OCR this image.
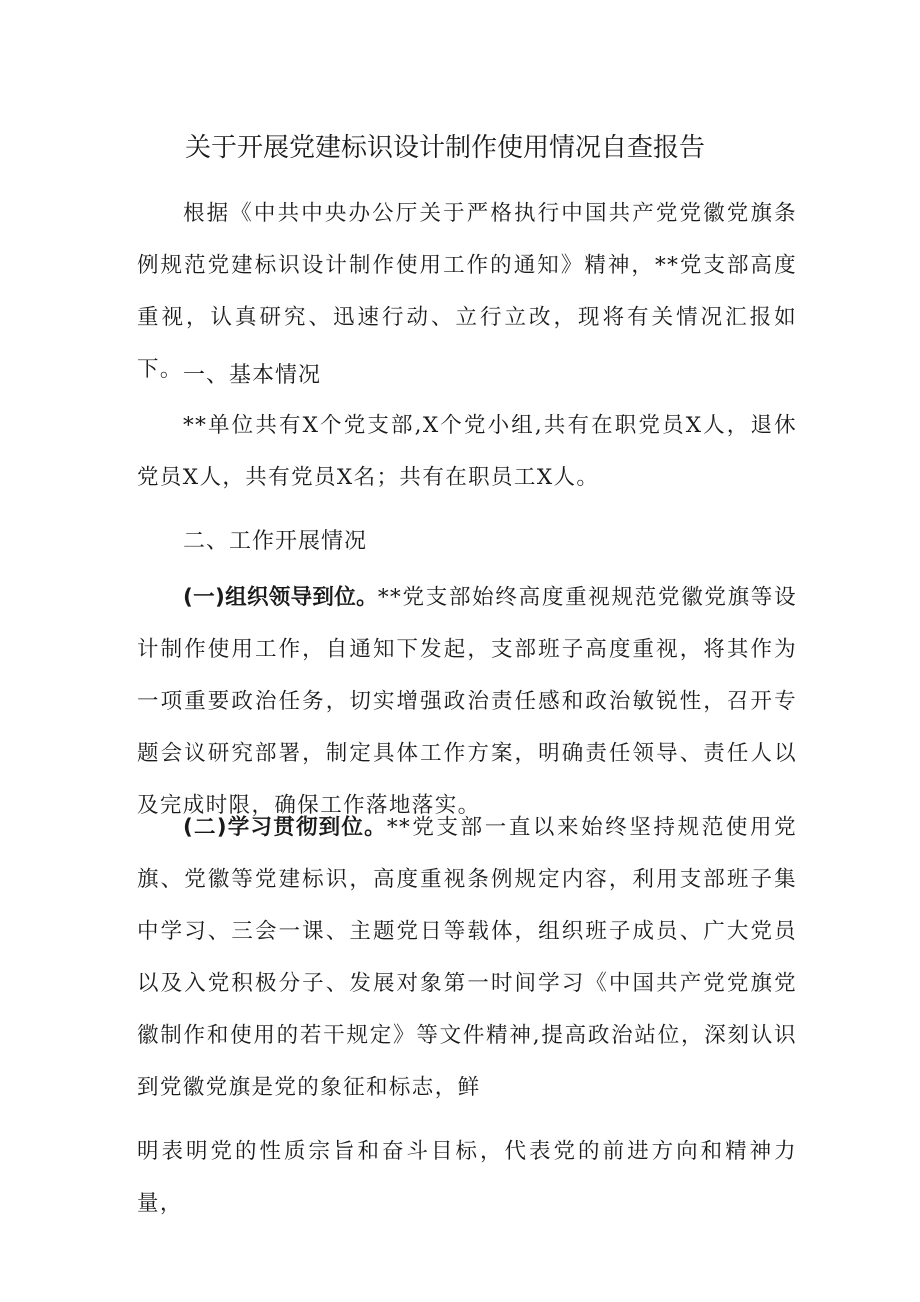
关于开展党建标识设计制作使用情况自查报告

根据《中共中央办公厅关于严格执行中国共产党党徽党旗条例规范党建标识设计制作使用工作的通知》精神，**党支部高度重视，认真研究、迅速行动、立行立改，现将有关情况汇报如下。 一、基本情况

**单位共有X个党支部,X个党小组,共有在职党员X人，退休党员X人，共有党员X名；共有在职员工X人。

二、工作开展情况

(一)组织领导到位。**党支部始终高度重视规范党徽党旗等设计制作使用工作，自通知下发起，支部班子高度重视，将其作为一项重要政治任务，切实增强政治责任感和政治敏锐性，召开专题会议研究部署，制定具体工作方案，明确责任领导、责任人以及完成时限，确保工作落地落实。

(二)学习贯彻到位。**党支部一直以来始终坚持规范使用党旗、党徽等党建标识，高度重视条例规定内容，利用支部班子集中学习、三会一课、主题党日等载体，组织班子成员、广大党员以及入党积极分子、发展对象第一时间学习《中国共产党党旗党徽制作和使用的若干规定》等文件精神,提高政治站位，深刻认识到党徽党旗是党的象征和标志，鲜

明表明党的性质宗旨和奋斗目标，代表党的前进方向和精神力量，
